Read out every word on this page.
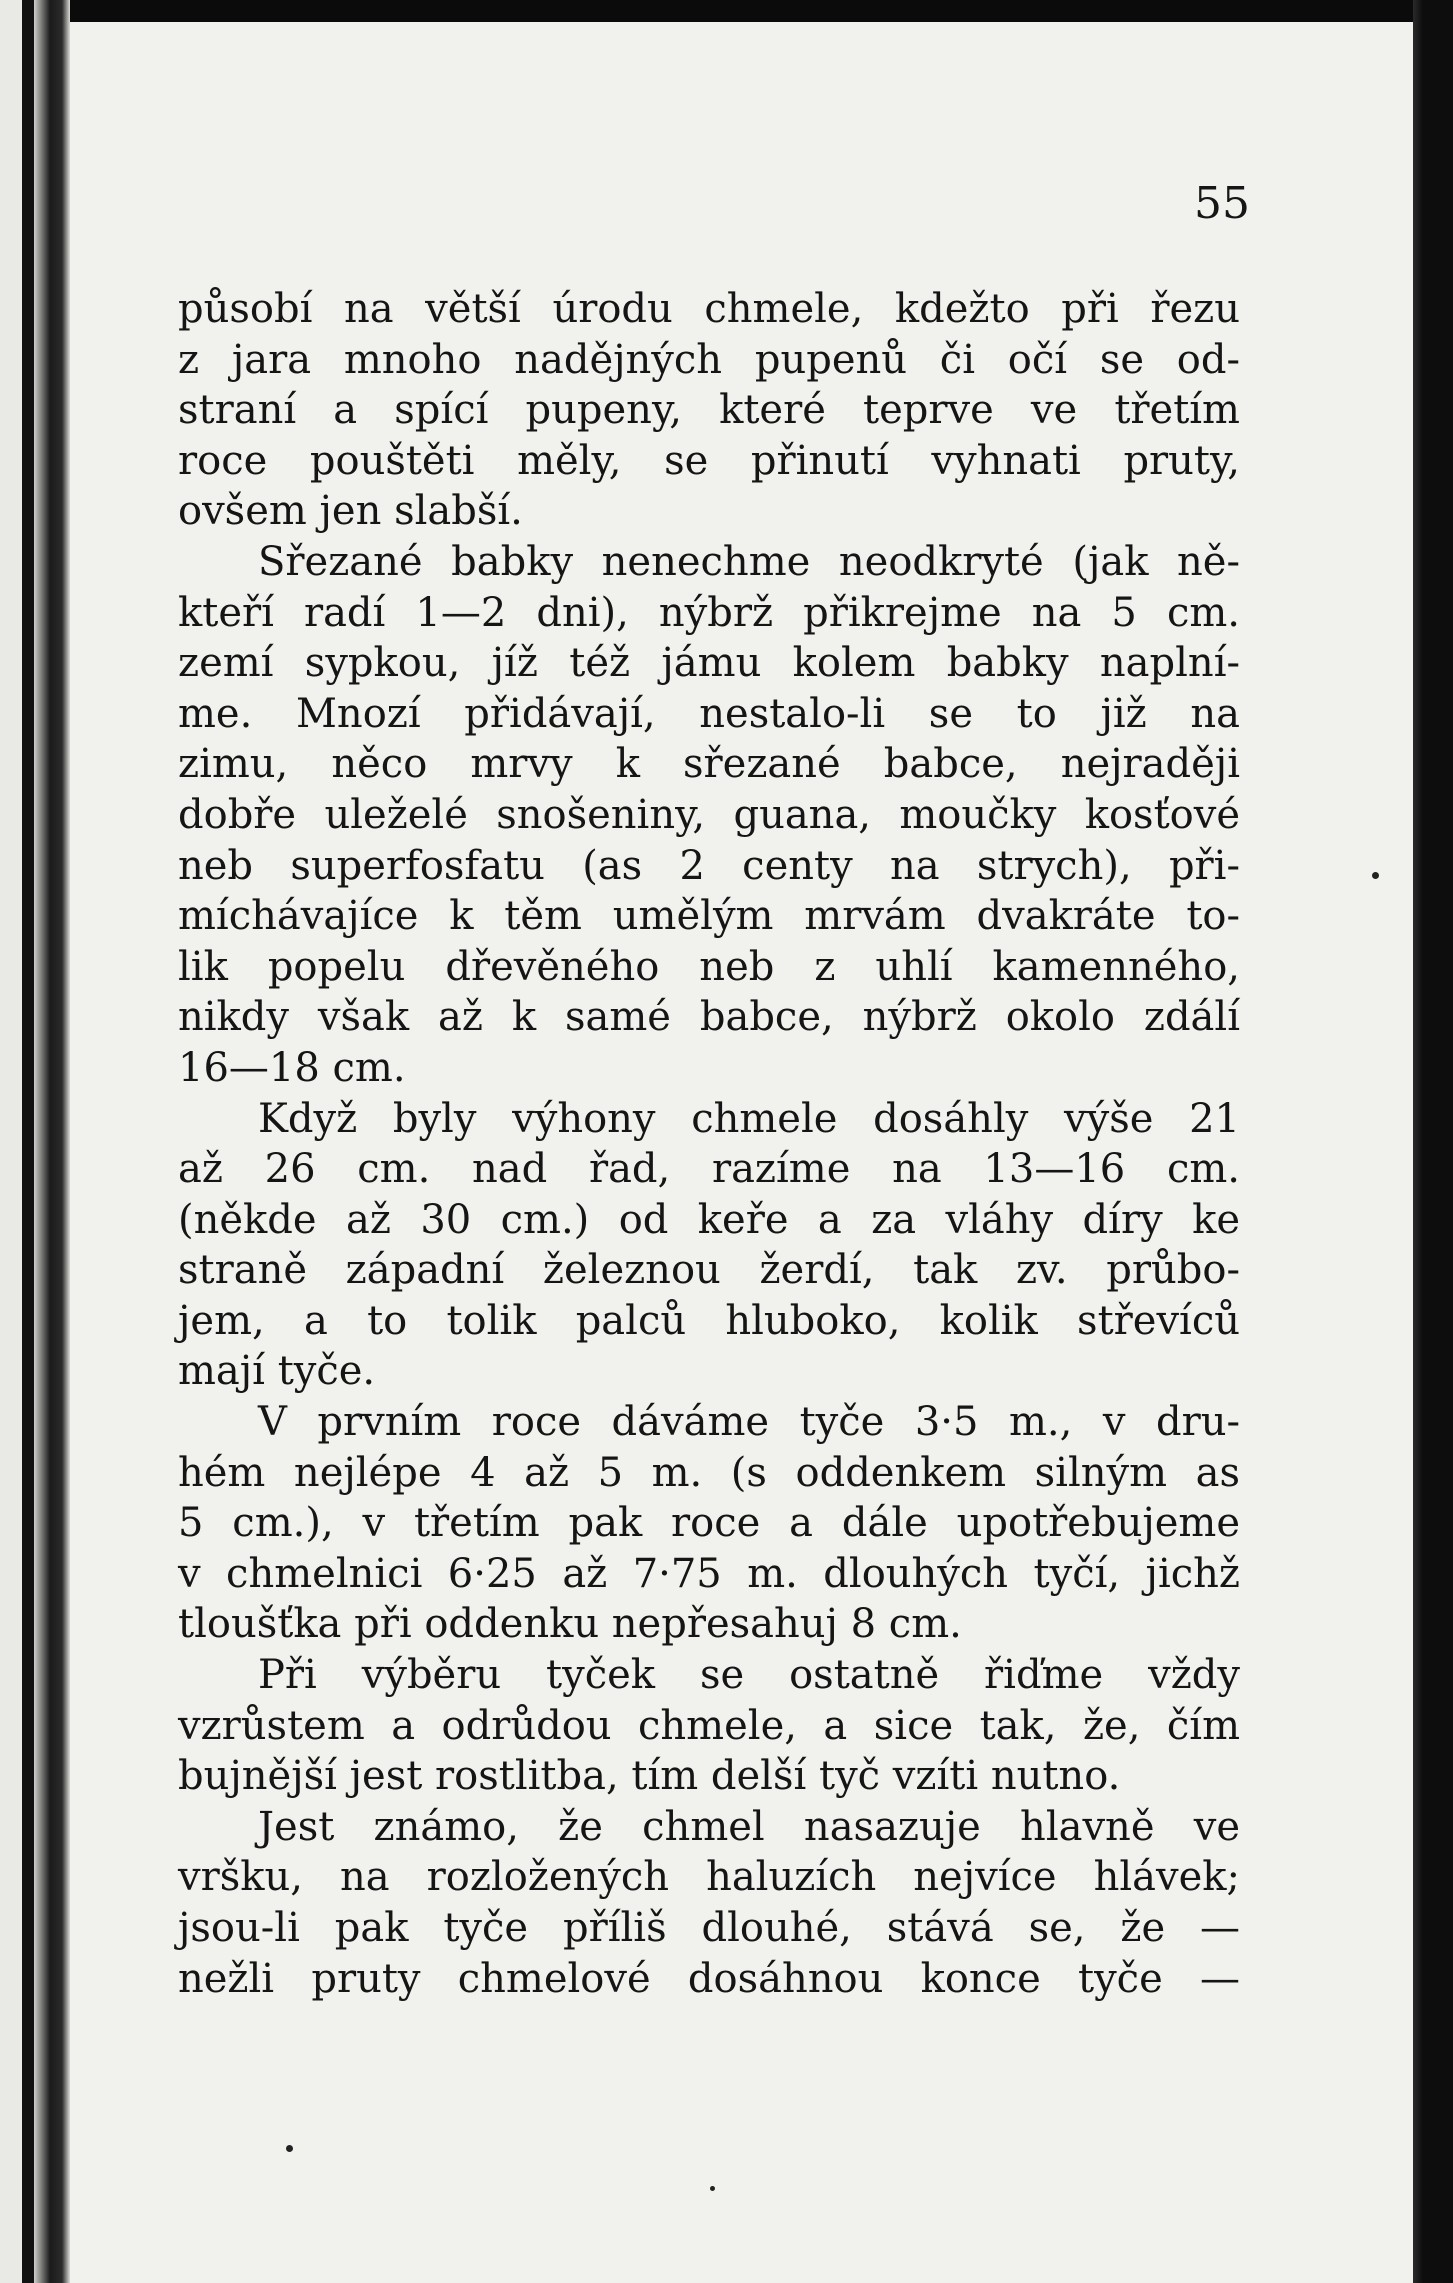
55

působí na větší úrodu chmele, kdežto při řezu
z jara mnoho nadějných pupenů či očí se od-
straní a spící pupeny, které teprve ve třetím
roce pouštěti měly, se přinutí vyhnati pruty,
ovšem jen slabší.
Sřezané babky nenechme neodkryté (jak ně-
kteří radí 1—2 dni), nýbrž přikrejme na 5 cm.
zemí sypkou, jíž též jámu kolem babky naplní-
me. Mnozí přidávají, nestalo-li se to již na
zimu, něco mrvy k sřezané babce, nejraději
dobře uleželé snošeniny, guana, moučky kosťové
neb superfosfatu (as 2 centy na strych), při-
míchávajíce k těm umělým mrvám dvakráte to-
lik popelu dřevěného neb z uhlí kamenného,
nikdy však až k samé babce, nýbrž okolo zdálí
16—18 cm.
Když byly výhony chmele dosáhly výše 21
až 26 cm. nad řad, razíme na 13—16 cm.
(někde až 30 cm.) od keře a za vláhy díry ke
straně západní železnou žerdí, tak zv. průbo-
jem, a to tolik palců hluboko, kolik střevíců
mají tyče.
V prvním roce dáváme tyče 3·5 m., v dru-
hém nejlépe 4 až 5 m. (s oddenkem silným as
5 cm.), v třetím pak roce a dále upotřebujeme
v chmelnici 6·25 až 7·75 m. dlouhých tyčí, jichž
tloušťka při oddenku nepřesahuj 8 cm.
Při výběru tyček se ostatně řiďme vždy
vzrůstem a odrůdou chmele, a sice tak, že, čím
bujnější jest rostlitba, tím delší tyč vzíti nutno.
Jest známo, že chmel nasazuje hlavně ve
vršku, na rozložených haluzích nejvíce hlávek;
jsou-li pak tyče příliš dlouhé, stává se, že —
nežli pruty chmelové dosáhnou konce tyče —
